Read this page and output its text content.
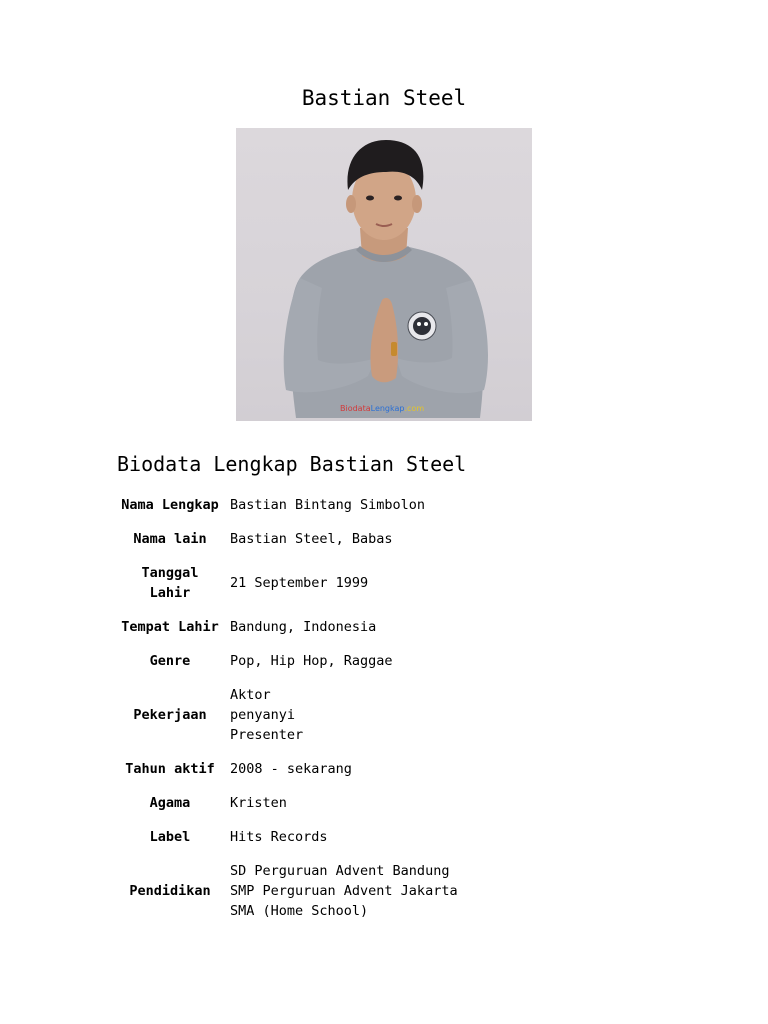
Bastian Steel
BiodataLengkap.com
Biodata Lengkap Bastian Steel
Nama Lengkap	Bastian Bintang Simbolon

Nama lain	Bastian Steel, Babas

Tanggal Lahir	21 September 1999

Tempat Lahir	Bandung, Indonesia

Genre	Pop, Hip Hop, Raggae

Pekerjaan	Aktor
penyanyi
Presenter

Tahun aktif	2008 - sekarang

Agama	Kristen

Label	Hits Records

Pendidikan	SD Perguruan Advent Bandung
SMP Perguruan Advent Jakarta
SMA (Home School)
